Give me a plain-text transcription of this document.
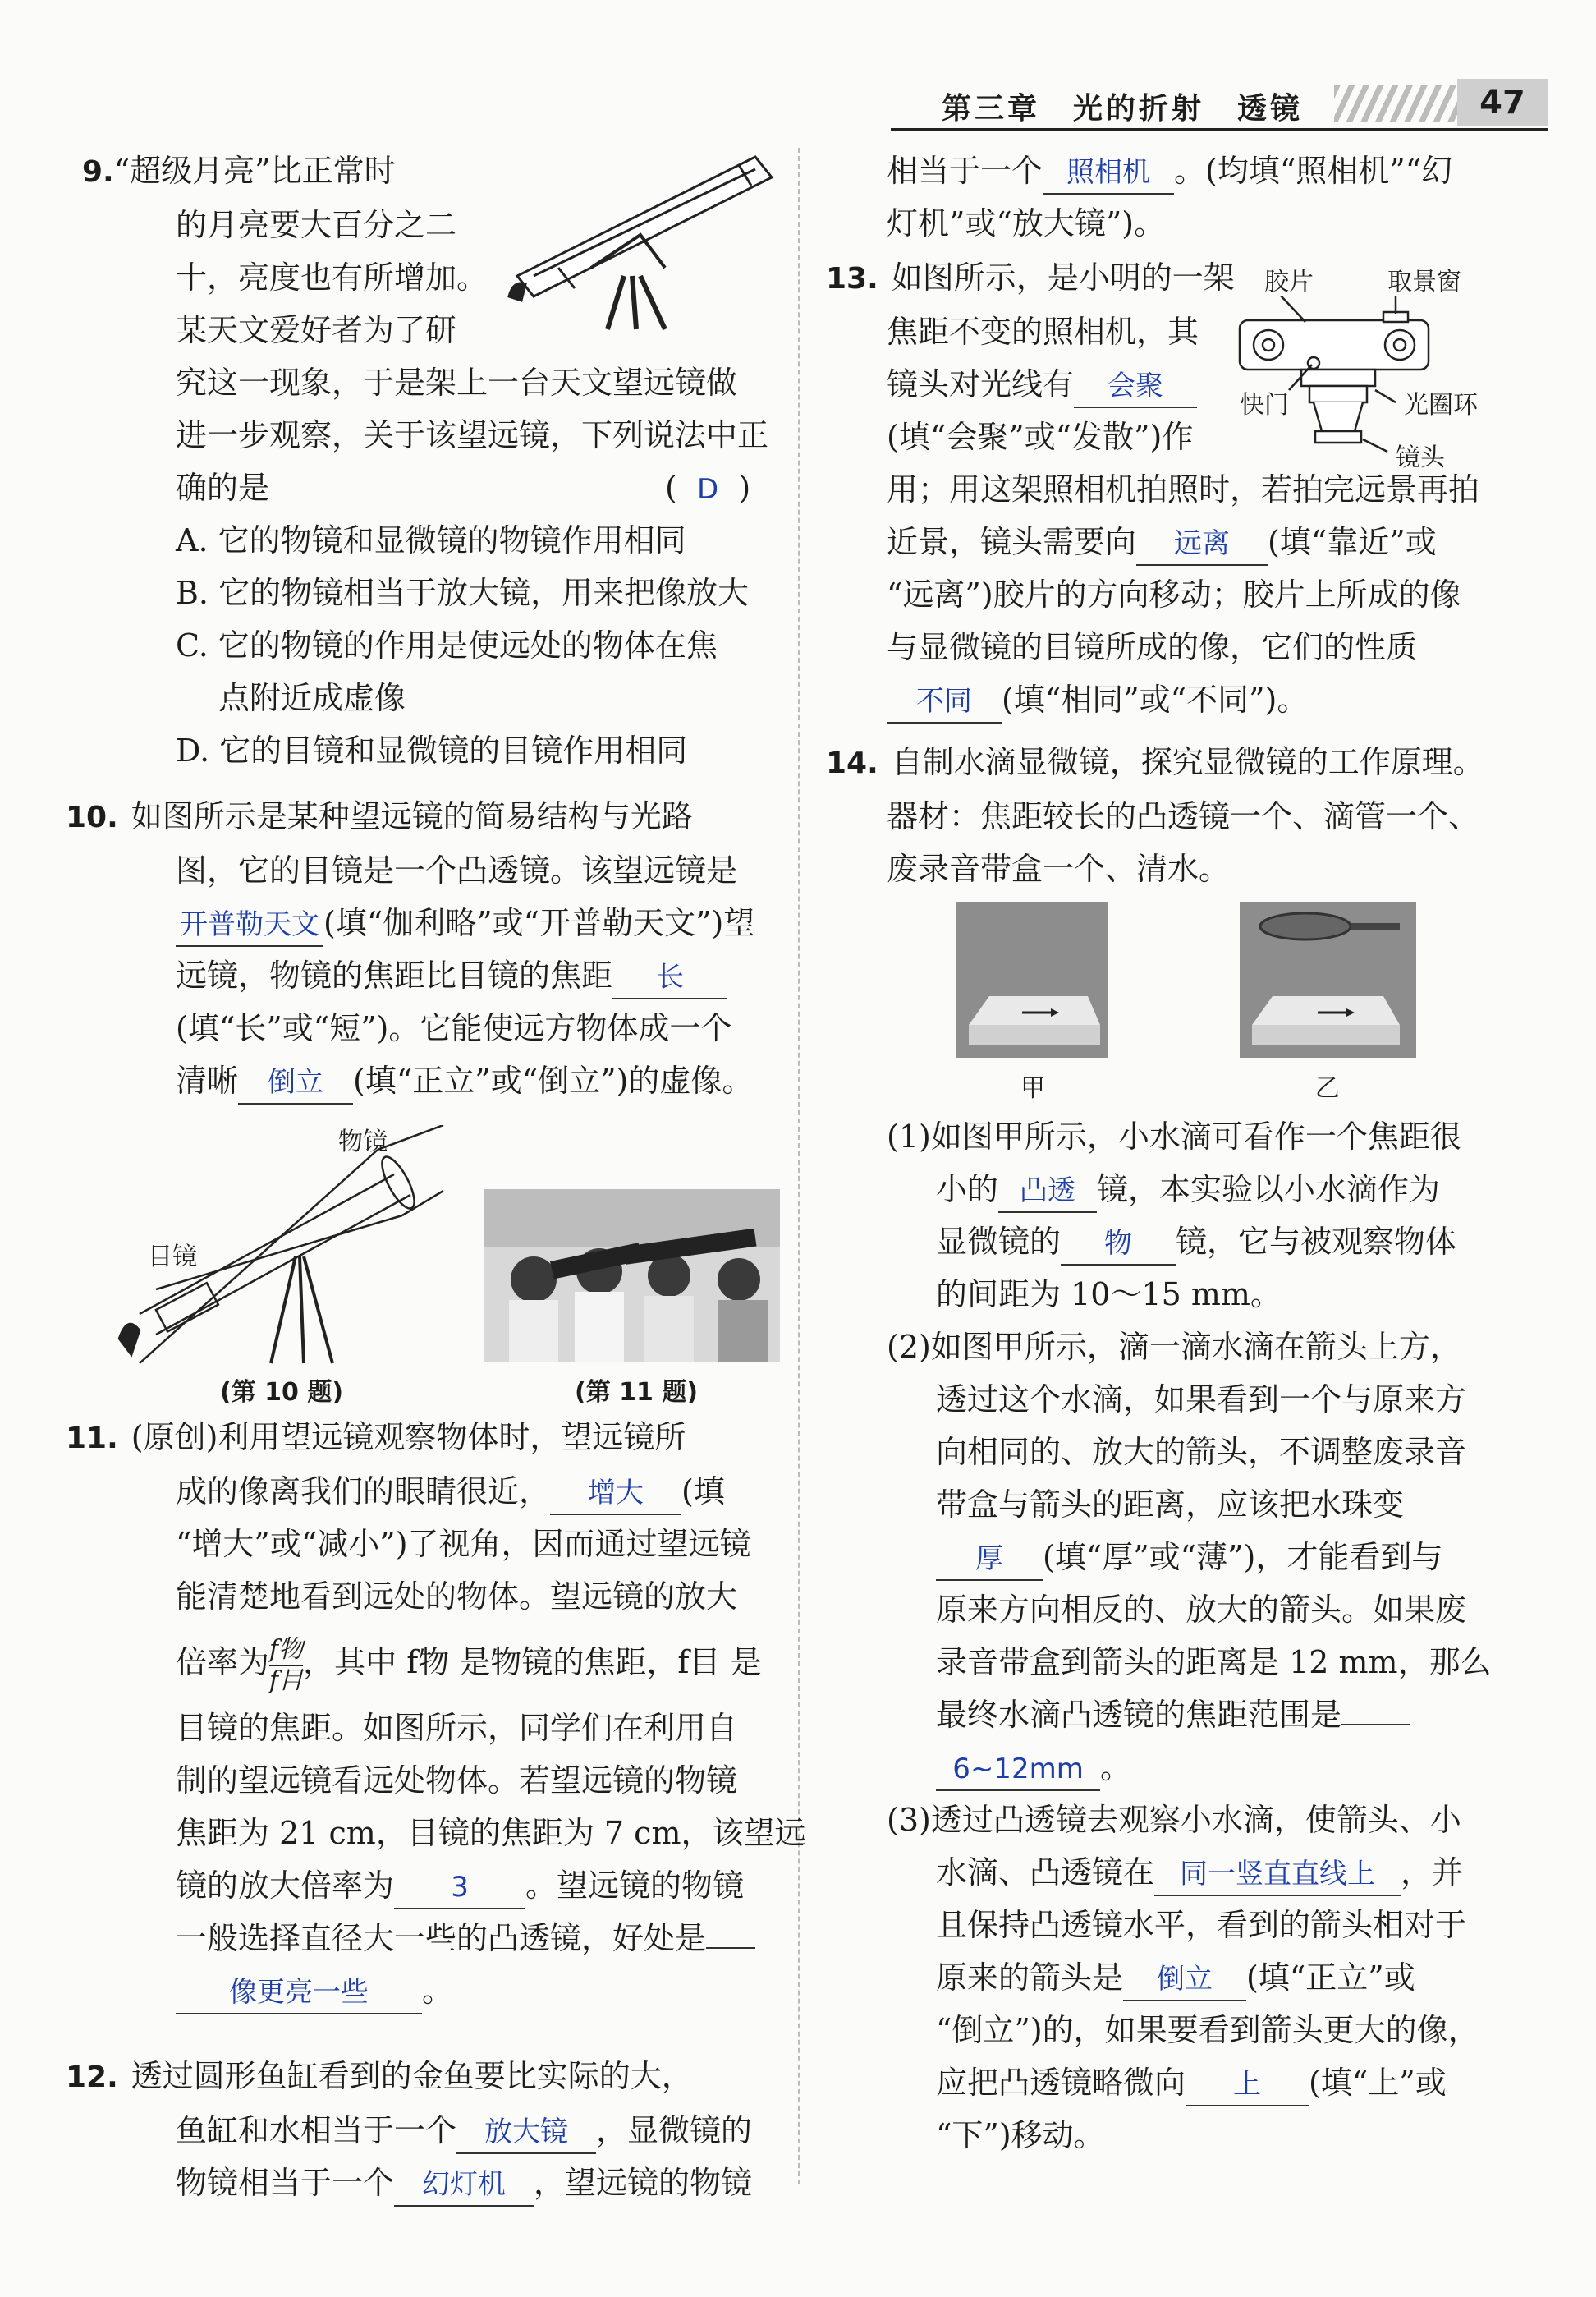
第三章　光的折射　透镜	47

9.“超级月亮”比正常时

的月亮要大百分之二

十，亮度也有所增加。

某天文爱好者为了研

究这一现象，于是架上一台天文望远镜做

进一步观察，关于该望远镜，下列说法中正

确的是	(  D  )

A. 它的物镜和显微镜的物镜作用相同

B. 它的物镜相当于放大镜，用来把像放大

C. 它的物镜的作用是使远处的物体在焦

点附近成虚像

D. 它的目镜和显微镜的目镜作用相同

10. 如图所示是某种望远镜的简易结构与光路

图，它的目镜是一个凸透镜。该望远镜是

开普勒天文 (填“伽利略”或“开普勒天文”)望

远镜，物镜的焦距比目镜的焦距 长

(填“长”或“短”)。它能使远方物体成一个

清晰 倒立 (填“正立”或“倒立”)的虚像。

物镜
目镜
(第 10 题)	(第 11 题)

11. (原创)利用望远镜观察物体时，望远镜所

成的像离我们的眼睛很近， 增大 (填

“增大”或“减小”)了视角，因而通过望远镜

能清楚地看到远处的物体。望远镜的放大

倍率为 f物
f目 ，其中 f物 是物镜的焦距，f目 是

目镜的焦距。如图所示，同学们在利用自

制的望远镜看远处物体。若望远镜的物镜

焦距为 21 cm，目镜的焦距为 7 cm，该望远

镜的放大倍率为 3 。望远镜的物镜

一般选择直径大一些的凸透镜，好处是

像更亮一些 。

12. 透过圆形鱼缸看到的金鱼要比实际的大，

鱼缸和水相当于一个 放大镜 ，显微镜的

物镜相当于一个 幻灯机 ，望远镜的物镜

相当于一个 照相机 。(均填“照相机”“幻

灯机”或“放大镜”)。

13. 如图所示，是小明的一架

焦距不变的照相机，其

镜头对光线有 会聚

(填“会聚”或“发散”)作

用；用这架照相机拍照时，若拍完远景再拍

近景，镜头需要向 远离 (填“靠近”或

“远离”)胶片的方向移动；胶片上所成的像

与显微镜的目镜所成的像，它们的性质

不同 (填“相同”或“不同”)。

胶片	取景窗
快门	光圈环
镜头

14. 自制水滴显微镜，探究显微镜的工作原理。

器材：焦距较长的凸透镜一个、滴管一个、

废录音带盒一个、清水。

甲	乙

(1)如图甲所示，小水滴可看作一个焦距很

小的 凸透 镜，本实验以小水滴作为

显微镜的 物 镜，它与被观察物体

的间距为 10～15 mm。

(2)如图甲所示，滴一滴水滴在箭头上方，

透过这个水滴，如果看到一个与原来方

向相同的、放大的箭头，不调整废录音

带盒与箭头的距离，应该把水珠变

厚 (填“厚”或“薄”)，才能看到与

原来方向相反的、放大的箭头。如果废

录音带盒到箭头的距离是 12 mm，那么

最终水滴凸透镜的焦距范围是

6~12mm 。

(3)透过凸透镜去观察小水滴，使箭头、小

水滴、凸透镜在 同一竖直直线上 ，并

且保持凸透镜水平，看到的箭头相对于

原来的箭头是 倒立 (填“正立”或

“倒立”)的，如果要看到箭头更大的像，

应把凸透镜略微向 上 (填“上”或

“下”)移动。
